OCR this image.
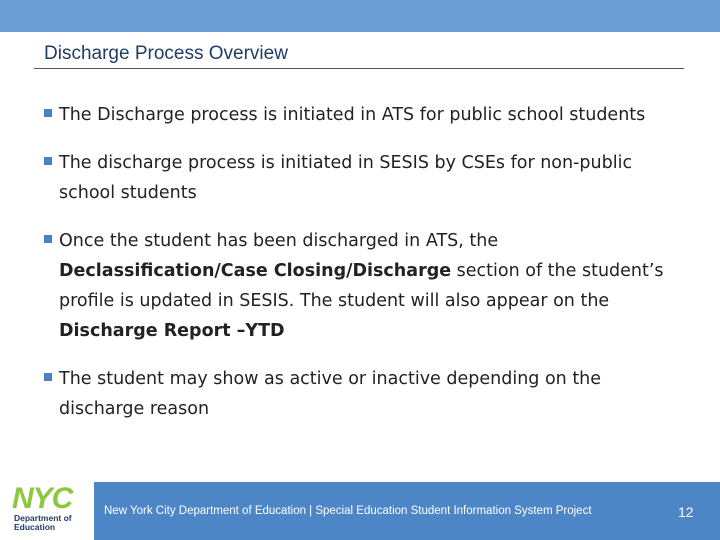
Discharge Process Overview
The Discharge process is initiated in ATS for public school students
The discharge process is initiated in SESIS by CSEs for non-public school students
Once the student has been discharged in ATS, the Declassification/Case Closing/Discharge section of the student’s profile is updated in SESIS. The student will also appear on the Discharge Report –YTD
The student may show as active or inactive depending on the discharge reason
NYC
Department of
Education
New York City Department of Education | Special Education Student Information System Project	12
